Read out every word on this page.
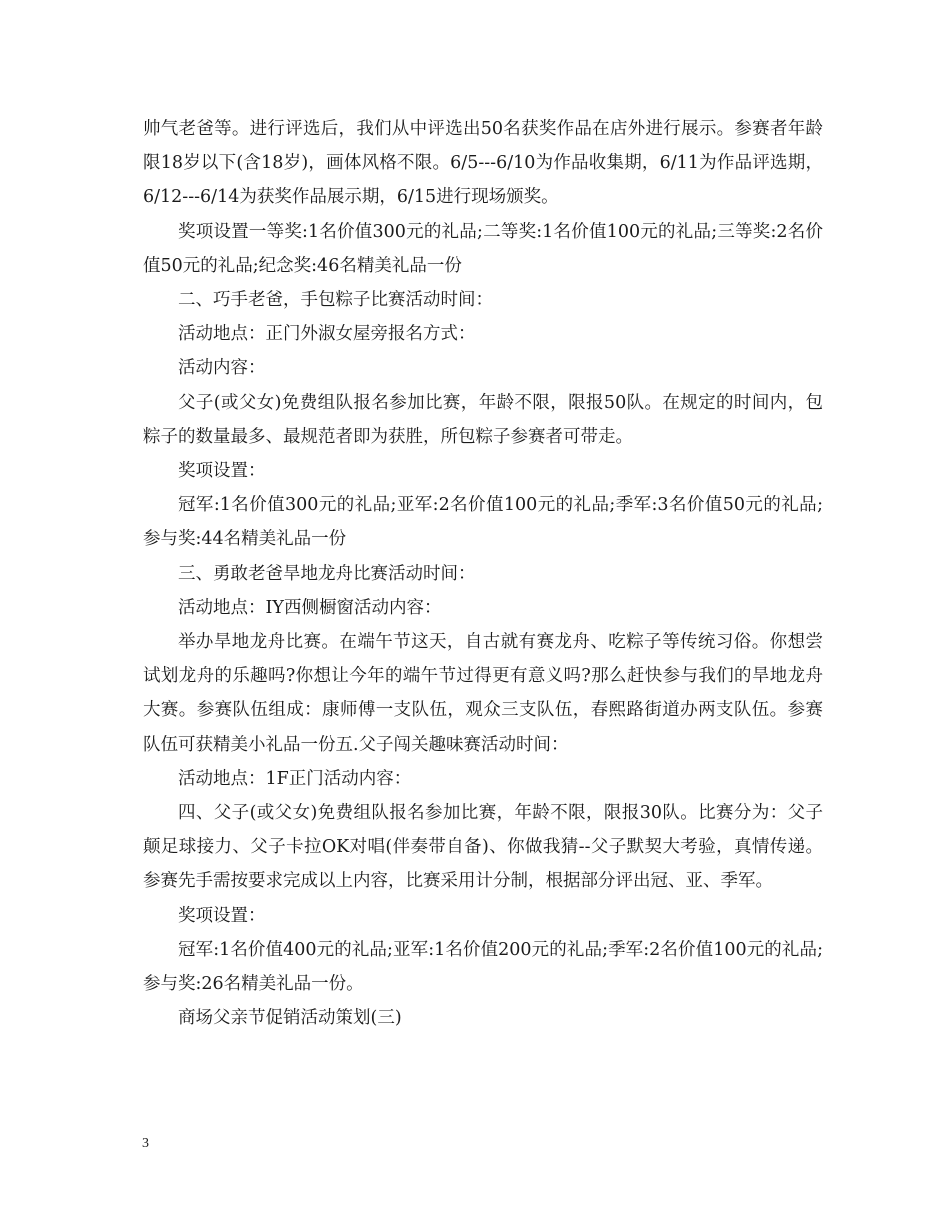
帅气老爸等。进行评选后，我们从中评选出50名获奖作品在店外进行展示。参赛者年龄限18岁以下(含18岁)，画体风格不限。6/5---6/10为作品收集期，6/11为作品评选期，6/12---6/14为获奖作品展示期，6/15进行现场颁奖。

奖项设置一等奖:1名价值300元的礼品;二等奖:1名价值100元的礼品;三等奖:2名价值50元的礼品;纪念奖:46名精美礼品一份

二、巧手老爸，手包粽子比赛活动时间：

活动地点：正门外淑女屋旁报名方式：

活动内容：

父子(或父女)免费组队报名参加比赛，年龄不限，限报50队。在规定的时间内，包粽子的数量最多、最规范者即为获胜，所包粽子参赛者可带走。

奖项设置：

冠军:1名价值300元的礼品;亚军:2名价值100元的礼品;季军:3名价值50元的礼品;参与奖:44名精美礼品一份

三、勇敢老爸旱地龙舟比赛活动时间：

活动地点：IY西侧橱窗活动内容：

举办旱地龙舟比赛。在端午节这天，自古就有赛龙舟、吃粽子等传统习俗。你想尝试划龙舟的乐趣吗?你想让今年的端午节过得更有意义吗?那么赶快参与我们的旱地龙舟大赛。参赛队伍组成：康师傅一支队伍，观众三支队伍，春熙路街道办两支队伍。参赛队伍可获精美小礼品一份五.父子闯关趣味赛活动时间：

活动地点：1F正门活动内容：

四、父子(或父女)免费组队报名参加比赛，年龄不限，限报30队。比赛分为：父子颠足球接力、父子卡拉OK对唱(伴奏带自备)、你做我猜--父子默契大考验，真情传递。参赛先手需按要求完成以上内容，比赛采用计分制，根据部分评出冠、亚、季军。

奖项设置：

冠军:1名价值400元的礼品;亚军:1名价值200元的礼品;季军:2名价值100元的礼品;参与奖:26名精美礼品一份。

商场父亲节促销活动策划(三)

3
